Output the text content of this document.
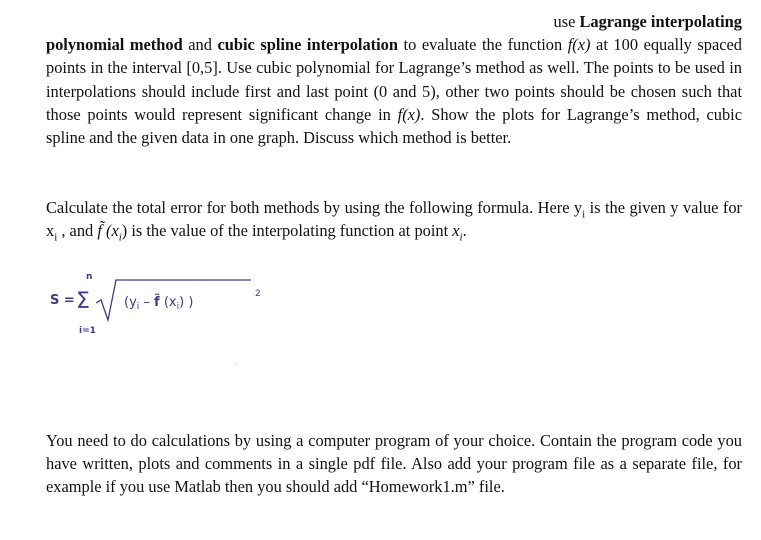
use Lagrange interpolating
polynomial method and cubic spline interpolation to evaluate the function f(x) at 100 equally spaced points in the interval [0,5]. Use cubic polynomial for Lagrange’s method as well. The points to be used in interpolations should include first and last point (0 and 5), other two points should be chosen such that those points would represent significant change in f(x). Show the plots for Lagrange’s method, cubic spline and the given data in one graph. Discuss which method is better.

Calculate the total error for both methods by using the following formula. Here $y_i$ is the given y value for $x_i$ , and f̃ $(x_i)$ is the value of the interpolating function at point $x_i$.

S =
n
Σ
i=1
($y_i$ – f̃ $(x_i)$ )
2

You need to do calculations by using a computer program of your choice. Contain the program code you have written, plots and comments in a single pdf file. Also add your program file as a separate file, for example if you use Matlab then you should add “Homework1.m” file.
